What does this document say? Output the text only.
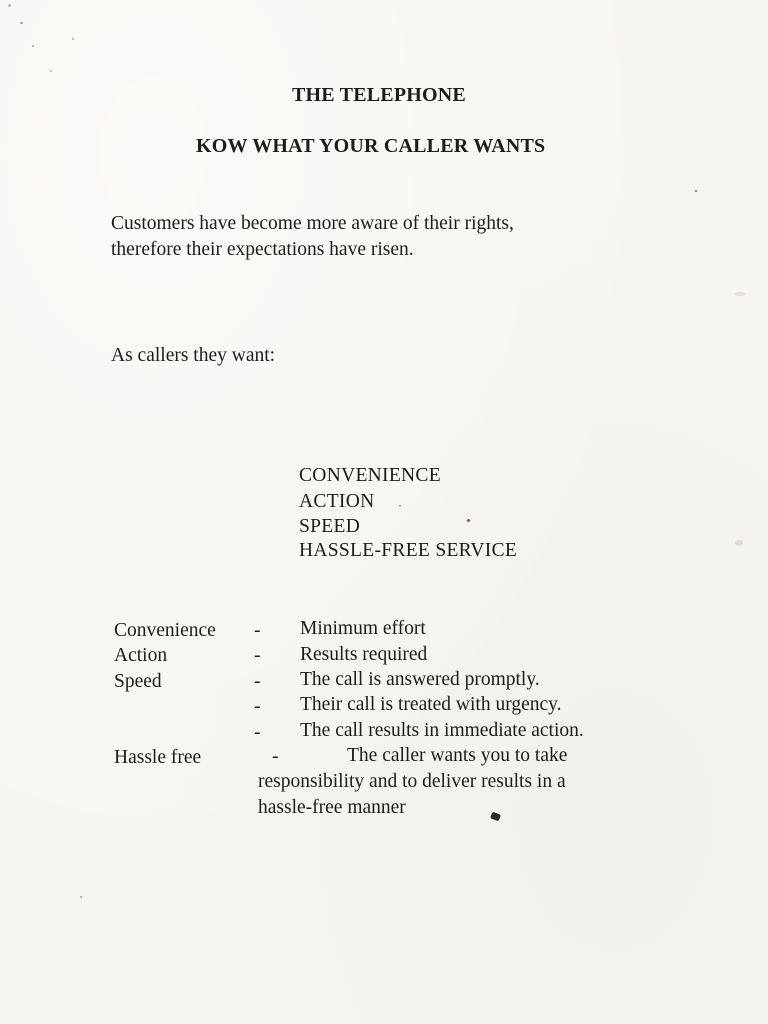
THE TELEPHONE
KOW WHAT YOUR CALLER WANTS
Customers have become more aware of their rights,
therefore their expectations have risen.
As callers they want:
CONVENIENCE
ACTION
SPEED
HASSLE-FREE SERVICE
Convenience - Minimum effort
Action	- Results required
Speed	- The call is answered promptly.
- Their call is treated with urgency.
- The call results in immediate action.
Hassle free	-	The caller wants you to take
responsibility and to deliver results in a
hassle-free manner
